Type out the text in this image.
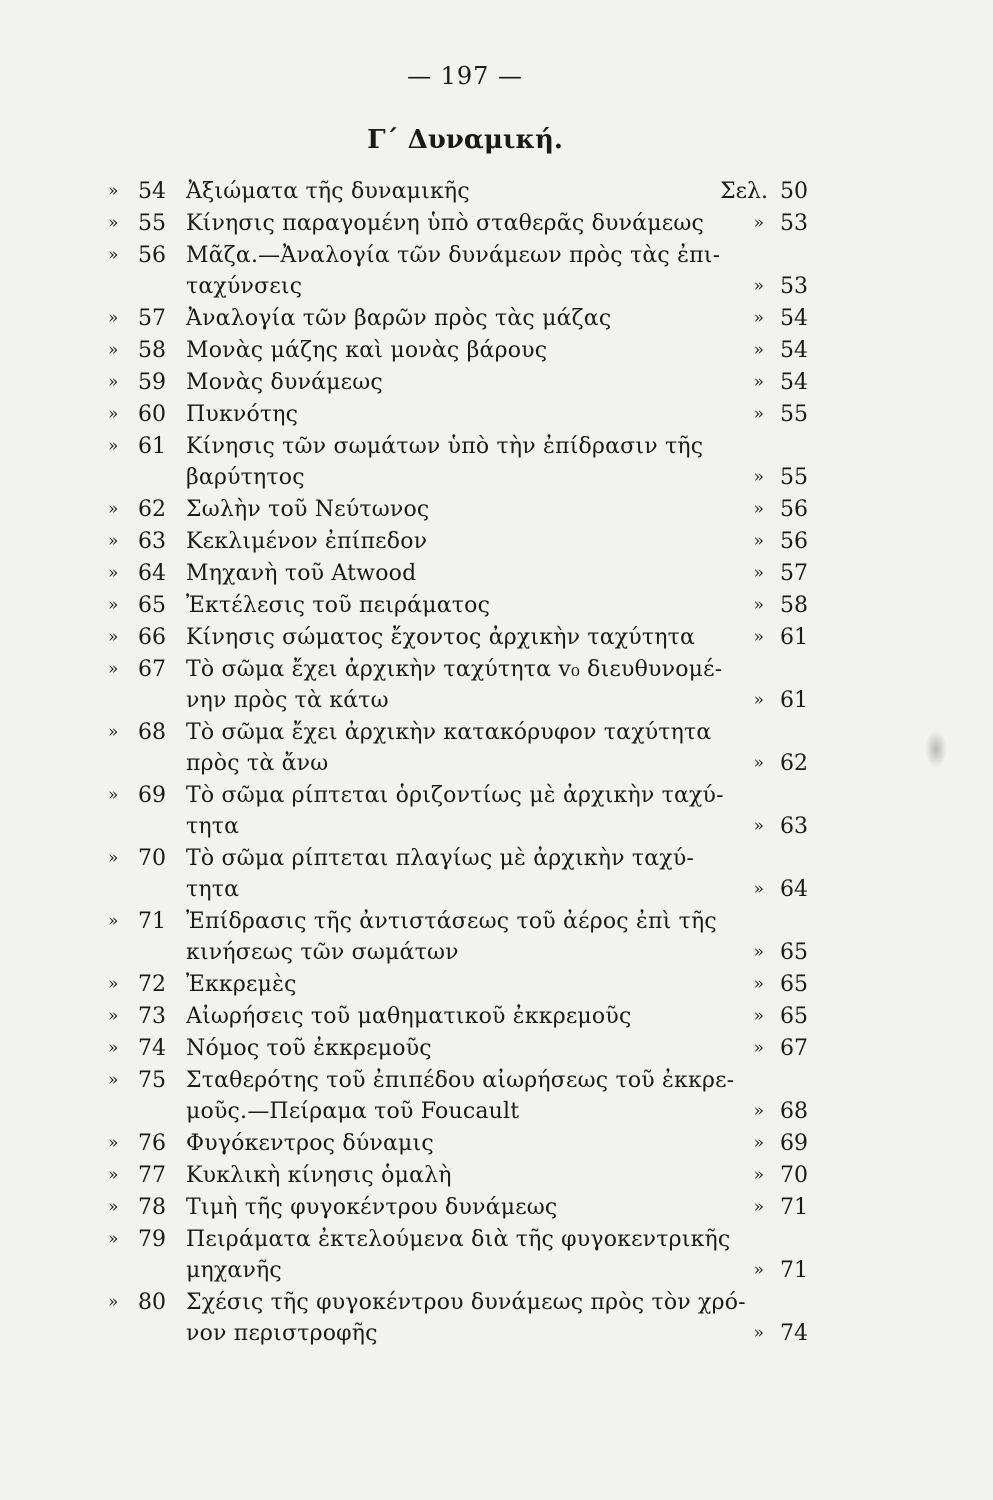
— 197 —
Γ΄ Δυναμική.
» 54 Ἀξιώματα τῆς δυναμικῆς	Σελ. 50
» 55 Κίνησις παραγομένη ὑπὸ σταθερᾶς δυνάμεως	» 53
» 56 Μᾶζα.—Ἀναλογία τῶν δυνάμεων πρὸς τὰς ἐπι-
ταχύνσεις	» 53
» 57 Ἀναλογία τῶν βαρῶν πρὸς τὰς μάζας	» 54
» 58 Μονὰς μάζης καὶ μονὰς βάρους	» 54
» 59 Μονὰς δυνάμεως	» 54
» 60 Πυκνότης	» 55
» 61 Κίνησις τῶν σωμάτων ὑπὸ τὴν ἐπίδρασιν τῆς
βαρύτητος	» 55
» 62 Σωλὴν τοῦ Νεύτωνος	» 56
» 63 Κεκλιμένον ἐπίπεδον	» 56
» 64 Μηχανὴ τοῦ Atwood	» 57
» 65 Ἐκτέλεσις τοῦ πειράματος	» 58
» 66 Κίνησις σώματος ἔχοντος ἀρχικὴν ταχύτητα	» 61
» 67 Τὸ σῶμα ἔχει ἀρχικὴν ταχύτητα v₀ διευθυνομέ-
νην πρὸς τὰ κάτω	» 61
» 68 Τὸ σῶμα ἔχει ἀρχικὴν κατακόρυφον ταχύτητα
πρὸς τὰ ἄνω	» 62
» 69 Τὸ σῶμα ρίπτεται ὁριζοντίως μὲ ἀρχικὴν ταχύ-
τητα	» 63
» 70 Τὸ σῶμα ρίπτεται πλαγίως μὲ ἀρχικὴν ταχύ-
τητα	» 64
» 71 Ἐπίδρασις τῆς ἀντιστάσεως τοῦ ἀέρος ἐπὶ τῆς
κινήσεως τῶν σωμάτων	» 65
» 72 Ἐκκρεμὲς	» 65
» 73 Αἰωρήσεις τοῦ μαθηματικοῦ ἐκκρεμοῦς	» 65
» 74 Νόμος τοῦ ἐκκρεμοῦς	» 67
» 75 Σταθερότης τοῦ ἐπιπέδου αἰωρήσεως τοῦ ἐκκρε-
μοῦς.—Πείραμα τοῦ Foucault	» 68
» 76 Φυγόκεντρος δύναμις	» 69
» 77 Κυκλικὴ κίνησις ὁμαλὴ	» 70
» 78 Τιμὴ τῆς φυγοκέντρου δυνάμεως	» 71
» 79 Πειράματα ἐκτελούμενα διὰ τῆς φυγοκεντρικῆς
μηχανῆς	» 71
» 80 Σχέσις τῆς φυγοκέντρου δυνάμεως πρὸς τὸν χρό-
νον περιστροφῆς	» 74
